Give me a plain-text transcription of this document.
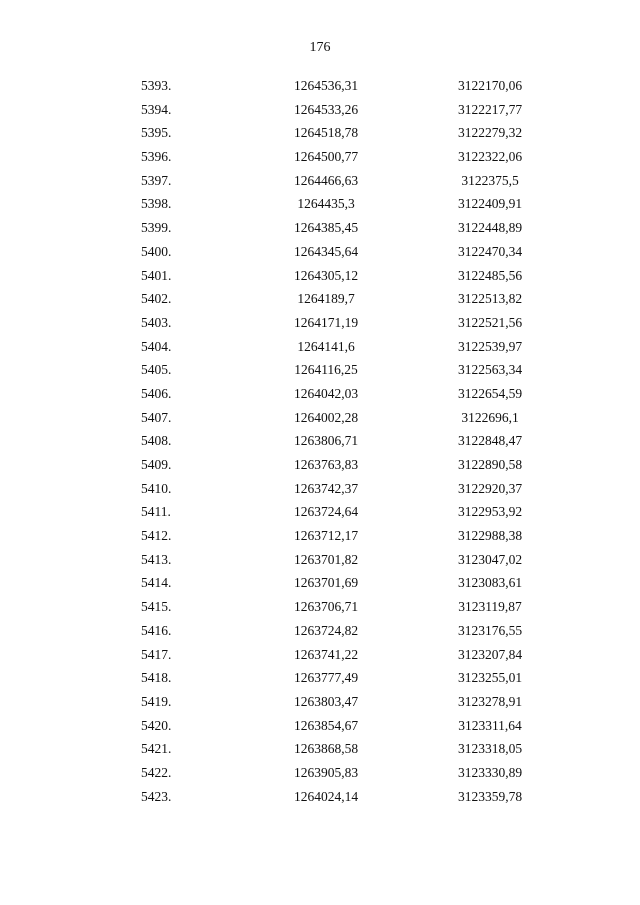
176
5393.	1264536,31	3122170,06
5394.	1264533,26	3122217,77
5395.	1264518,78	3122279,32
5396.	1264500,77	3122322,06
5397.	1264466,63	3122375,5
5398.	1264435,3	3122409,91
5399.	1264385,45	3122448,89
5400.	1264345,64	3122470,34
5401.	1264305,12	3122485,56
5402.	1264189,7	3122513,82
5403.	1264171,19	3122521,56
5404.	1264141,6	3122539,97
5405.	1264116,25	3122563,34
5406.	1264042,03	3122654,59
5407.	1264002,28	3122696,1
5408.	1263806,71	3122848,47
5409.	1263763,83	3122890,58
5410.	1263742,37	3122920,37
5411.	1263724,64	3122953,92
5412.	1263712,17	3122988,38
5413.	1263701,82	3123047,02
5414.	1263701,69	3123083,61
5415.	1263706,71	3123119,87
5416.	1263724,82	3123176,55
5417.	1263741,22	3123207,84
5418.	1263777,49	3123255,01
5419.	1263803,47	3123278,91
5420.	1263854,67	3123311,64
5421.	1263868,58	3123318,05
5422.	1263905,83	3123330,89
5423.	1264024,14	3123359,78
